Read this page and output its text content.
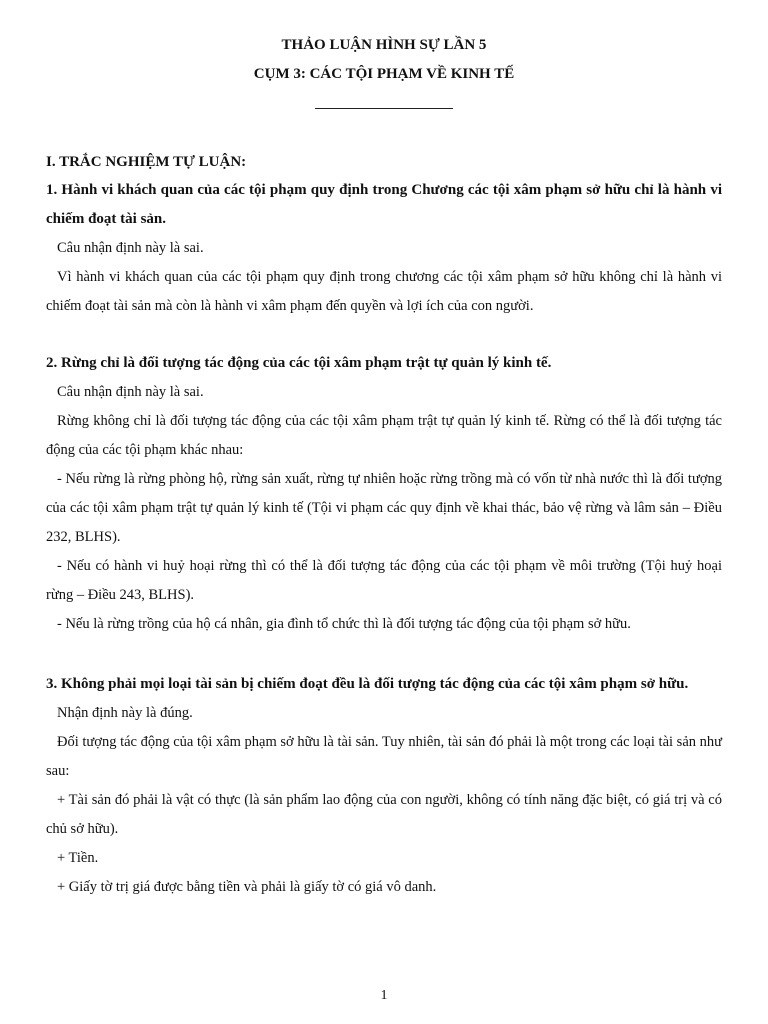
THẢO LUẬN HÌNH SỰ LẦN 5
CỤM 3: CÁC TỘI PHẠM VỀ KINH TẾ
I. TRẮC NGHIỆM TỰ LUẬN:

1. Hành vi khách quan của các tội phạm quy định trong Chương các tội xâm phạm sở hữu chỉ là hành vi chiếm đoạt tài sản.

Câu nhận định này là sai.

Vì hành vi khách quan của các tội phạm quy định trong chương các tội xâm phạm sở hữu không chỉ là hành vi chiếm đoạt tài sản mà còn là hành vi xâm phạm đến quyền và lợi ích của con người.

2. Rừng chỉ là đối tượng tác động của các tội xâm phạm trật tự quản lý kinh tế.

Câu nhận định này là sai.

Rừng không chỉ là đối tượng tác động của các tội xâm phạm trật tự quản lý kinh tế. Rừng có thể là đối tượng tác động của các tội phạm khác nhau:

- Nếu rừng là rừng phòng hộ, rừng sản xuất, rừng tự nhiên hoặc rừng trồng mà có vốn từ nhà nước thì là đối tượng của các tội xâm phạm trật tự quản lý kinh tế (Tội vi phạm các quy định về khai thác, bảo vệ rừng và lâm sản – Điều 232, BLHS).

- Nếu có hành vi huỷ hoại rừng thì có thể là đối tượng tác động của các tội phạm về môi trường (Tội huỷ hoại rừng – Điều 243, BLHS).

- Nếu là rừng trồng của hộ cá nhân, gia đình tổ chức thì là đối tượng tác động của tội phạm sở hữu.

3. Không phải mọi loại tài sản bị chiếm đoạt đều là đối tượng tác động của các tội xâm phạm sở hữu.

Nhận định này là đúng.

Đối tượng tác động của tội xâm phạm sở hữu là tài sản. Tuy nhiên, tài sản đó phải là một trong các loại tài sản như sau:

+ Tài sản đó phải là vật có thực (là sản phẩm lao động của con người, không có tính năng đặc biệt, có giá trị và có chủ sở hữu).

+ Tiền.

+ Giấy tờ trị giá được bằng tiền và phải là giấy tờ có giá vô danh.

1
